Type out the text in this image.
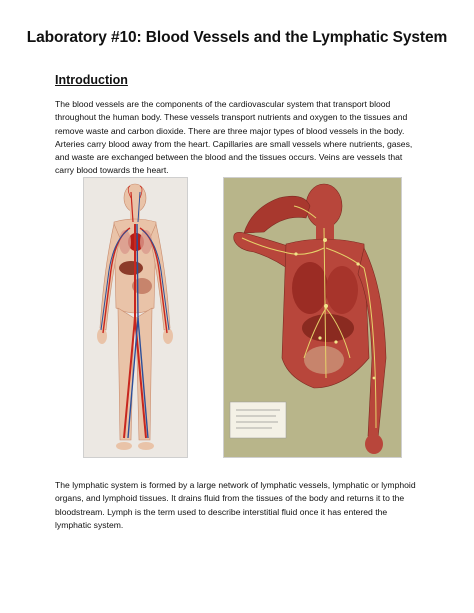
Laboratory #10: Blood Vessels and the Lymphatic System
Introduction

The blood vessels are the components of the cardiovascular system that transport blood throughout the human body. These vessels transport nutrients and oxygen to the tissues and remove waste and carbon dioxide. There are three major types of blood vessels in the body. Arteries carry blood away from the heart. Capillaries are small vessels where nutrients, gases, and waste are exchanged between the blood and the tissues occurs. Veins are vessels that carry blood towards the heart.

The lymphatic system is formed by a large network of lymphatic vessels, lymphatic or lymphoid organs, and lymphoid tissues. It drains fluid from the tissues of the body and returns it to the bloodstream. Lymph is the term used to describe interstitial fluid once it has entered the lymphatic system.
